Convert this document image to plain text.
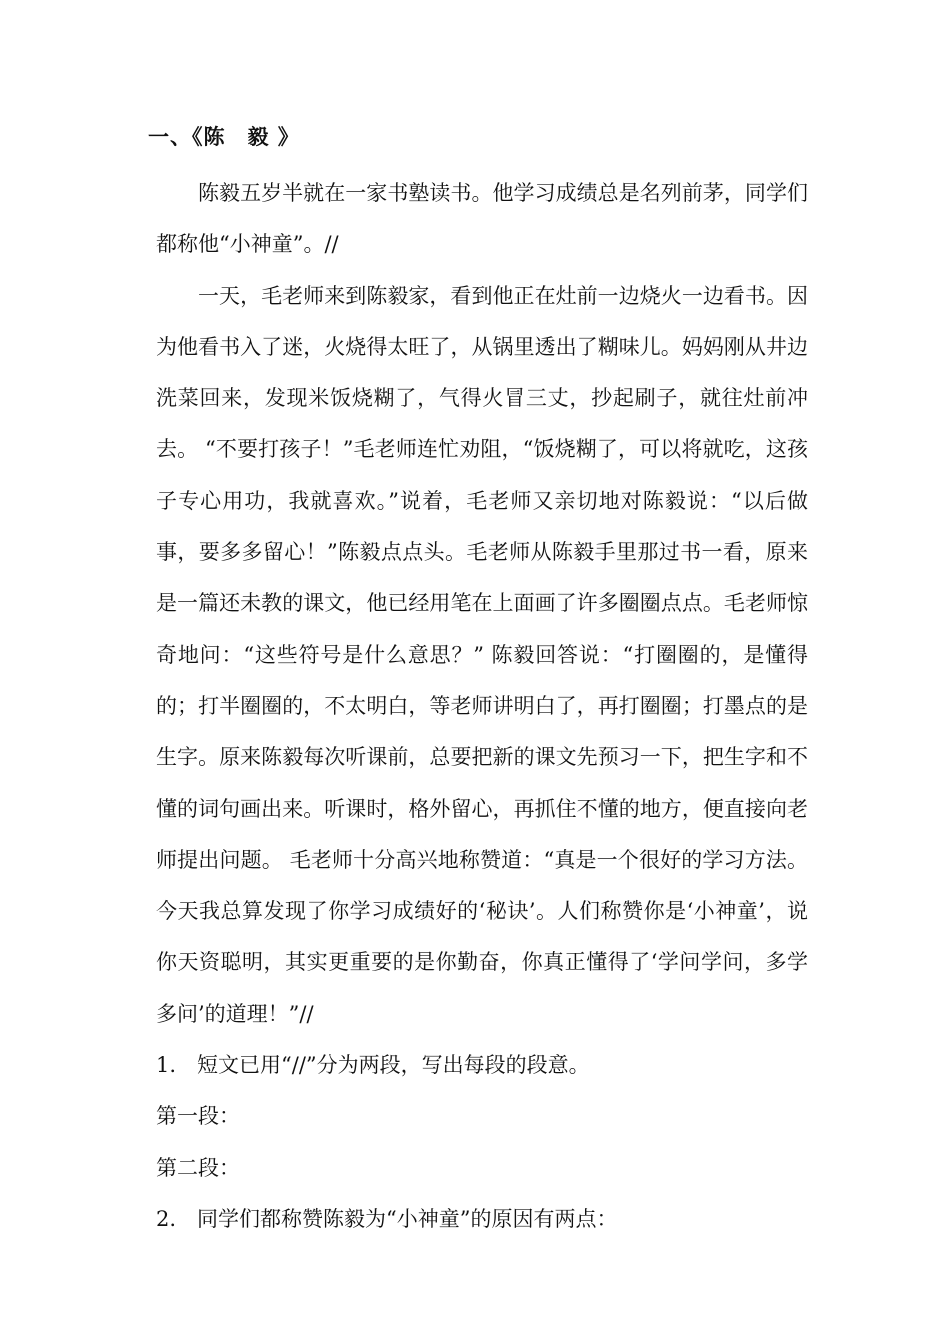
一、《陈　毅 》

陈毅五岁半就在一家书塾读书。他学习成绩总是名列前茅，同学们都称他“小神童”。//

一天，毛老师来到陈毅家，看到他正在灶前一边烧火一边看书。因为他看书入了迷，火烧得太旺了，从锅里透出了糊味儿。妈妈刚从井边洗菜回来，发现米饭烧糊了，气得火冒三丈，抄起刷子，就往灶前冲去。 “不要打孩子！”毛老师连忙劝阻，“饭烧糊了，可以将就吃，这孩子专心用功，我就喜欢。”说着，毛老师又亲切地对陈毅说：“以后做事，要多多留心！”陈毅点点头。毛老师从陈毅手里那过书一看，原来是一篇还未教的课文，他已经用笔在上面画了许多圈圈点点。毛老师惊奇地问：“这些符号是什么意思？” 陈毅回答说：“打圈圈的，是懂得的；打半圈圈的，不太明白，等老师讲明白了，再打圈圈；打墨点的是生字。原来陈毅每次听课前，总要把新的课文先预习一下，把生字和不懂的词句画出来。听课时，格外留心，再抓住不懂的地方，便直接向老师提出问题。 毛老师十分高兴地称赞道：“真是一个很好的学习方法。今天我总算发现了你学习成绩好的‘秘诀’。人们称赞你是‘小神童’，说你天资聪明，其实更重要的是你勤奋，你真正懂得了‘学问学问，多学多问’的道理！”//

1.　短文已用“//”分为两段，写出每段的段意。

第一段：

第二段：

2.　同学们都称赞陈毅为“小神童”的原因有两点：
